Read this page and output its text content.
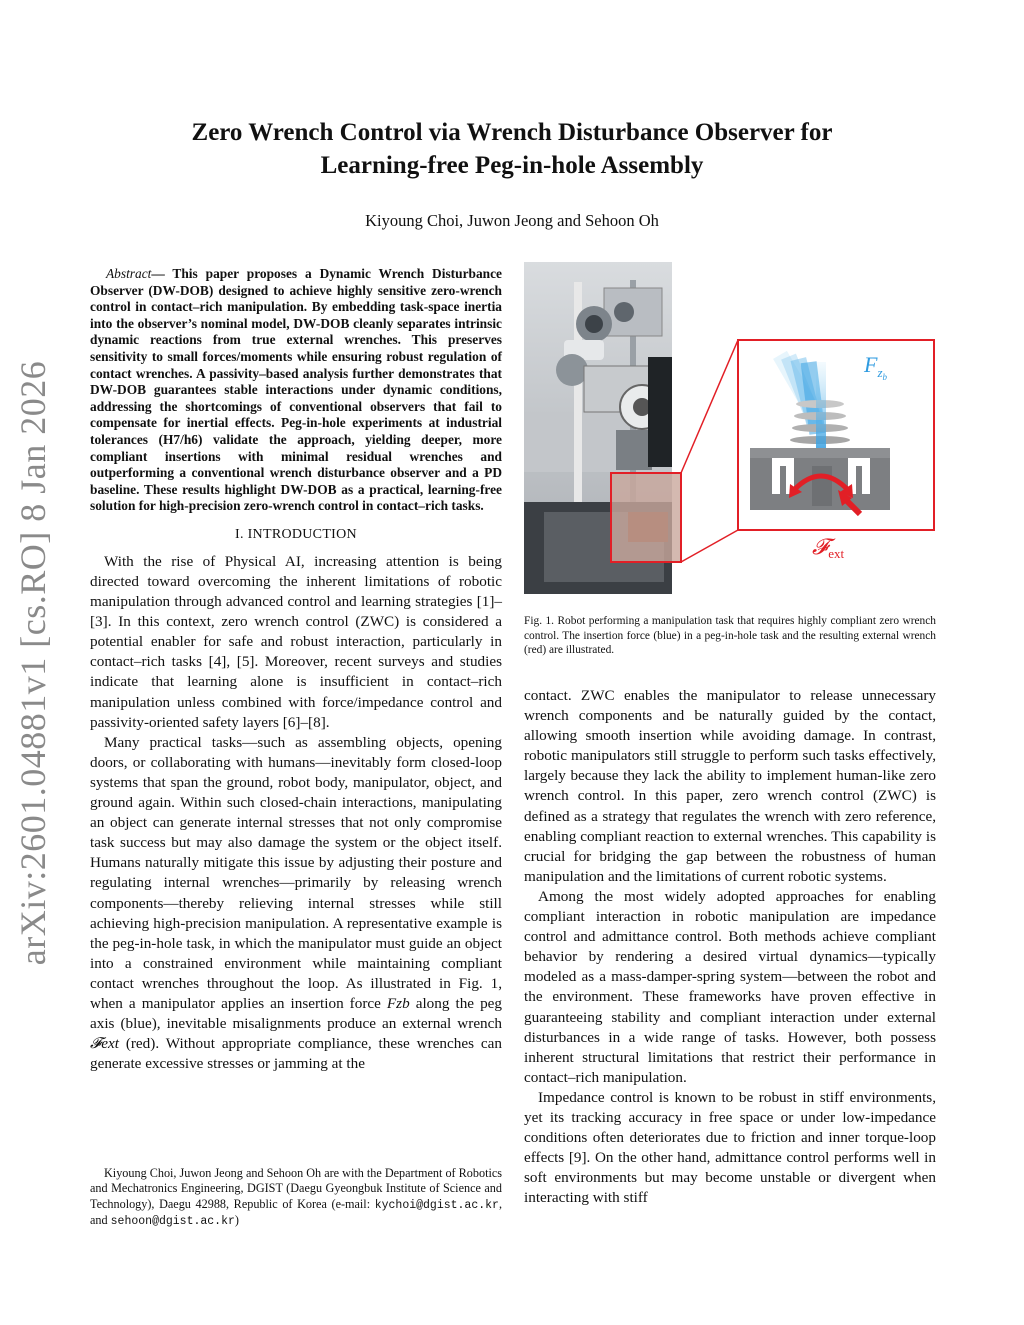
arXiv:2601.04881v1 [cs.RO] 8 Jan 2026
Zero Wrench Control via Wrench Disturbance Observer for
Learning-free Peg-in-hole Assembly
Kiyoung Choi, Juwon Jeong and Sehoon Oh

Abstract— This paper proposes a Dynamic Wrench Disturbance Observer (DW-DOB) designed to achieve highly sensitive zero-wrench control in contact–rich manipulation. By embedding task-space inertia into the observer’s nominal model, DW-DOB cleanly separates intrinsic dynamic reactions from true external wrenches. This preserves sensitivity to small forces/moments while ensuring robust regulation of contact wrenches. A passivity–based analysis further demonstrates that DW-DOB guarantees stable interactions under dynamic conditions, addressing the shortcomings of conventional observers that fail to compensate for inertial effects. Peg-in-hole experiments at industrial tolerances (H7/h6) validate the approach, yielding deeper, more compliant insertions with minimal residual wrenches and outperforming a conventional wrench disturbance observer and a PD baseline. These results highlight DW-DOB as a practical, learning-free solution for high-precision zero-wrench control in contact–rich tasks.

I. INTRODUCTION

With the rise of Physical AI, increasing attention is being directed toward overcoming the inherent limitations of robotic manipulation through advanced control and learning strategies [1]–[3]. In this context, zero wrench control (ZWC) is considered a potential enabler for safe and robust interaction, particularly in contact–rich tasks [4], [5]. Moreover, recent surveys and studies indicate that learning alone is insufficient in contact–rich manipulation unless combined with force/impedance control and passivity-oriented safety layers [6]–[8].

Many practical tasks—such as assembling objects, opening doors, or collaborating with humans—inevitably form closed-loop systems that span the ground, robot body, manipulator, object, and ground again. Within such closed-chain interactions, manipulating an object can generate internal stresses that not only compromise task success but may also damage the system or the object itself. Humans naturally mitigate this issue by adjusting their posture and regulating internal wrenches—primarily by releasing wrench components—thereby relieving internal stresses while still achieving high-precision manipulation. A representative example is the peg-in-hole task, in which the manipulator must guide an object into a constrained environment while maintaining compliant contact wrenches throughout the loop. As illustrated in Fig. 1, when a manipulator applies an insertion force Fzb along the peg axis (blue), inevitable misalignments produce an external wrench 𝓕ext (red). Without appropriate compliance, these wrenches can generate excessive stresses or jamming at the

Kiyoung Choi, Juwon Jeong and Sehoon Oh are with the Department of Robotics and Mechatronics Engineering, DGIST (Daegu Gyeongbuk Institute of Science and Technology), Daegu 42988, Republic of Korea (e-mail: kychoi@dgist.ac.kr, and sehoon@dgist.ac.kr)
$F_zb$
𝓕ext
Fig. 1. Robot performing a manipulation task that requires highly compliant zero wrench control. The insertion force (blue) in a peg-in-hole task and the resulting external wrench (red) are illustrated.

contact. ZWC enables the manipulator to release unnecessary wrench components and be naturally guided by the contact, allowing smooth insertion while avoiding damage. In contrast, robotic manipulators still struggle to perform such tasks effectively, largely because they lack the ability to implement human-like zero wrench control. In this paper, zero wrench control (ZWC) is defined as a strategy that regulates the wrench with zero reference, enabling compliant reaction to external wrenches. This capability is crucial for bridging the gap between the robustness of human manipulation and the limitations of current robotic systems.

Among the most widely adopted approaches for enabling compliant interaction in robotic manipulation are impedance control and admittance control. Both methods achieve compliant behavior by rendering a desired virtual dynamics—typically modeled as a mass-damper-spring system—between the robot and the environment. These frameworks have proven effective in guaranteeing stability and compliant interaction under external disturbances in a wide range of tasks. However, both possess inherent structural limitations that restrict their performance in contact–rich manipulation.

Impedance control is known to be robust in stiff environments, yet its tracking accuracy in free space or under low-impedance conditions often deteriorates due to friction and inner torque-loop effects [9]. On the other hand, admittance control performs well in soft environments but may become unstable or divergent when interacting with stiff
